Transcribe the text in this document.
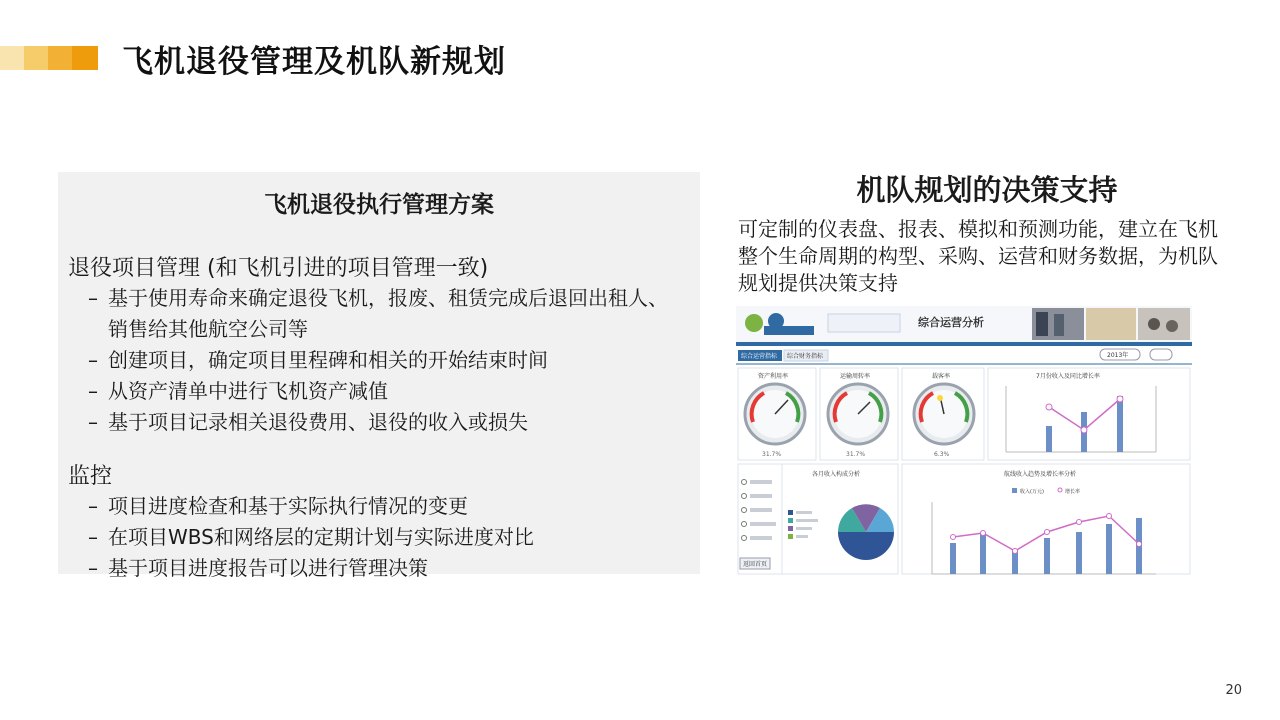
飞机退役管理及机队新规划
飞机退役执行管理方案
退役项目管理 (和飞机引进的项目管理一致)
– 基于使用寿命来确定退役飞机，报废、租赁完成后退回出租人、销售给其他航空公司等
– 创建项目，确定项目里程碑和相关的开始结束时间
– 从资产清单中进行飞机资产减值
– 基于项目记录相关退役费用、退役的收入或损失
监控
– 项目进度检查和基于实际执行情况的变更
– 在项目WBS和网络层的定期计划与实际进度对比
– 基于项目进度报告可以进行管理决策
机队规划的决策支持
可定制的仪表盘、报表、模拟和预测功能，建立在飞机整个生命周期的构型、采购、运营和财务数据，为机队规划提供决策支持
综合运营分析
综合运营指标 综合财务指标	2013年
资产利用率
31.7%
运输周转率
31.7%
载客率
6.3%
7月份收入及同比增长率
返回首页
各月收入构成分析	航线收入趋势及增长率分析
收入(万元)	增长率
20
